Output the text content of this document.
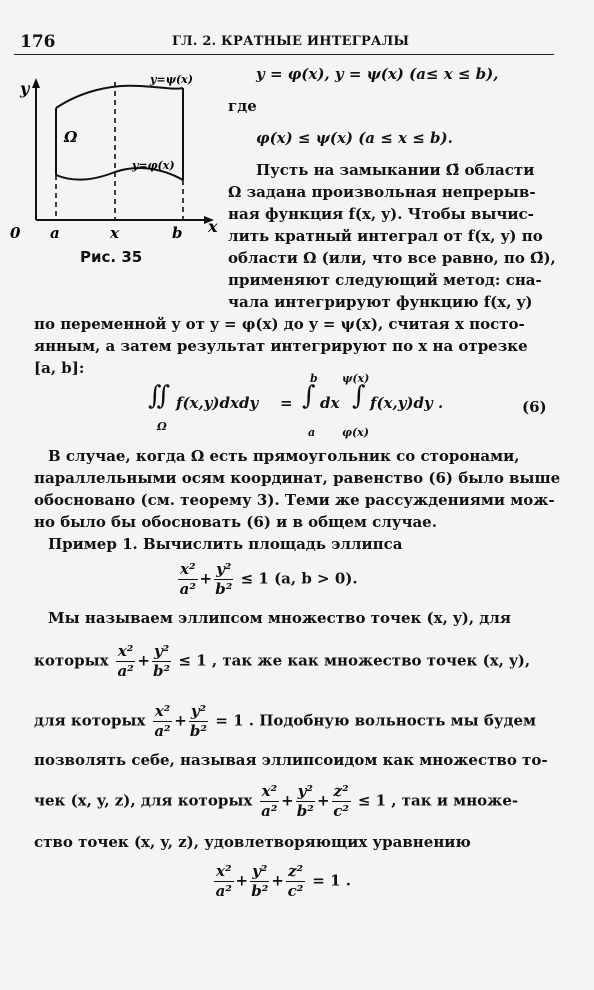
176	ГЛ. 2. КРАТНЫЕ ИНТЕГРАЛЫ
y
x
0 a	x	b
Ω
y=ψ(x)
y=φ(x)
Рис. 35
y = φ(x), y = ψ(x) (a≤ x ≤ b),
где
φ(x) ≤ ψ(x) (a ≤ x ≤ b).
Пусть на замыкании Ω̄ области
Ω задана произвольная непрерыв-
ная функция f(x, y). Чтобы вычис-
лить кратный интеграл от f(x, y) по
области Ω (или, что все равно, по Ω̄),
применяют следующий метод: сна-
чала интегрируют функцию f(x, y)
по переменной y от y = φ(x) до y = ψ(x), считая x посто-
янным, а затем результат интегрируют по x на отрезке
[a, b]:
∬
Ω
f(x,y)dxdy =
b
∫
a
dx
ψ(x)
∫
φ(x)
f(x,y)dy .	(6)
В случае, когда Ω есть прямоугольник со сторонами,
параллельными осям координат, равенство (6) было выше
обосновано (см. теорему 3). Теми же рассуждениями мож-
но было бы обосновать (6) и в общем случае.
Пример 1. Вычислить площадь эллипса
$\frac{\text{x²}}{\text{a²}} + \frac{\text{y²}}{\text{b²}} \le 1$ (a, b > 0).
Мы называем эллипсом множество точек (x, y), для
которых $\frac{\text{x²}}{\text{a²}} + \frac{\text{y²}}{\text{b²}} \le 1$ , так же как множество точек (x, y),
для которых $\frac{\text{x²}}{\text{a²}} + \frac{\text{y²}}{\text{b²}} = 1$ . Подобную вольность мы будем
позволять себе, называя эллипсоидом как множество то-
чек (x, y, z), для которых $\frac{\text{x²}}{\text{a²}} + \frac{\text{y²}}{\text{b²}} + \frac{\text{z²}}{\text{c²}} \le 1$ , так и множе-
ство точек (x, y, z), удовлетворяющих уравнению
$\frac{\text{x²}}{\text{a²}} + \frac{\text{y²}}{\text{b²}} + \frac{\text{z²}}{\text{c²}} = 1$ .
